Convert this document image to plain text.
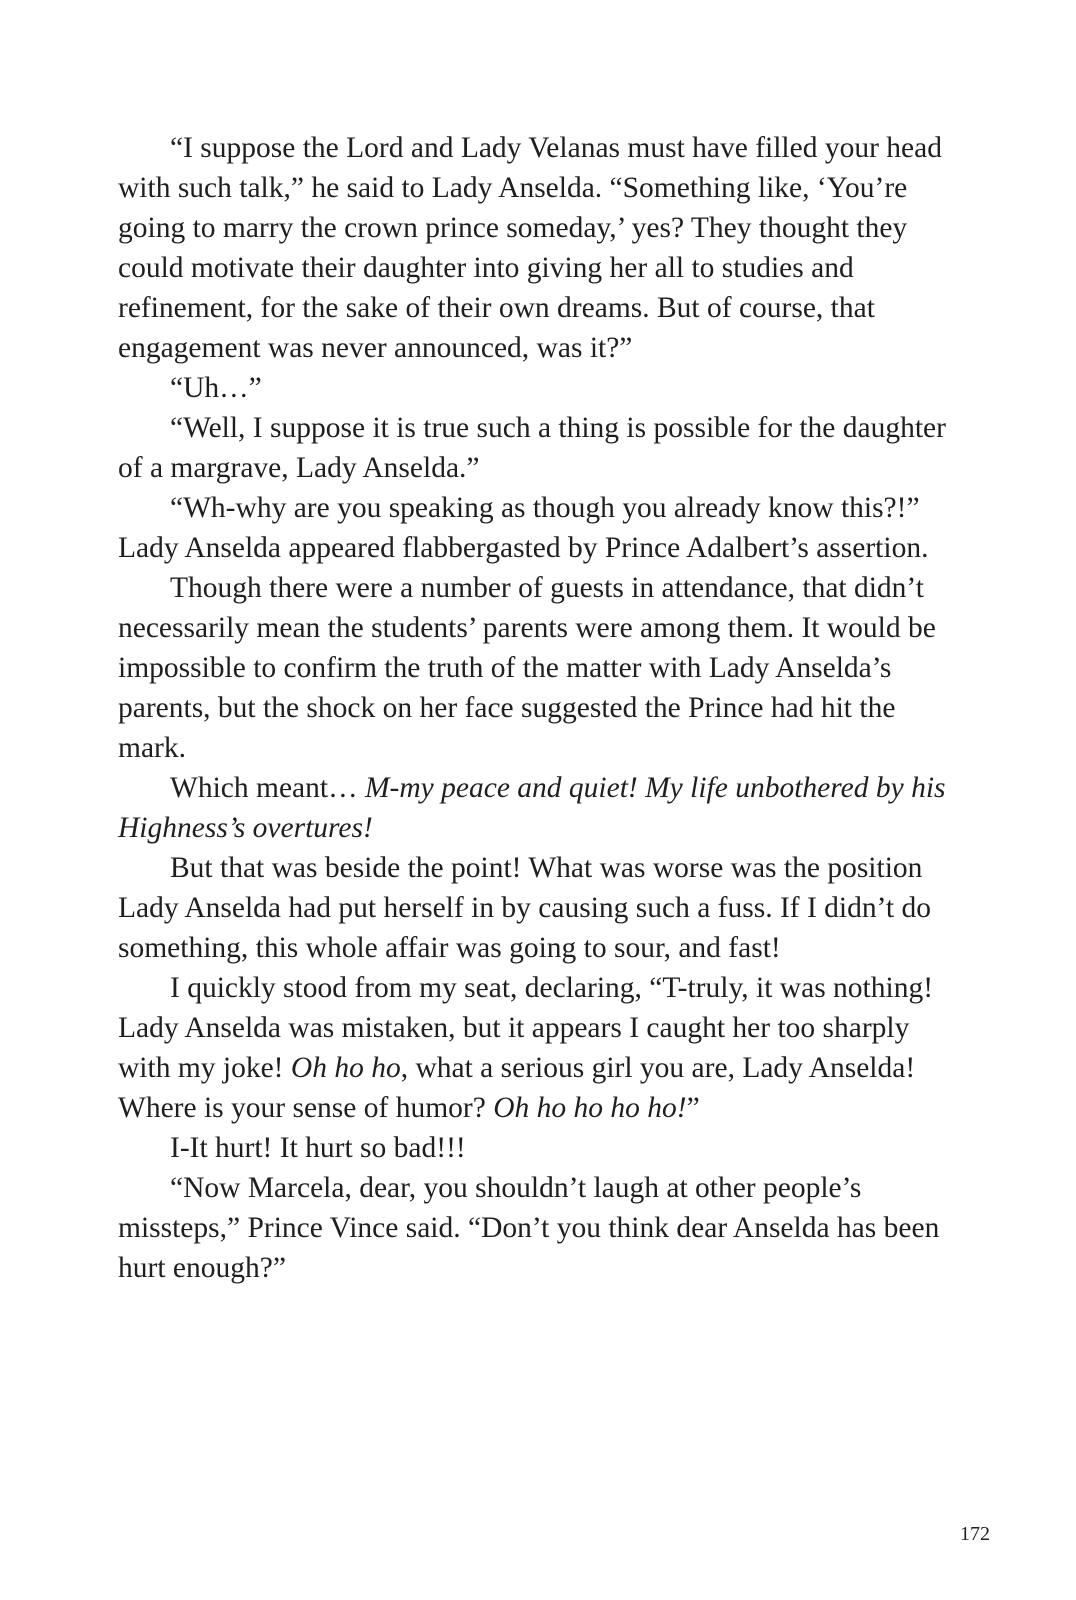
“I suppose the Lord and Lady Velanas must have filled your head with such talk,” he said to Lady Anselda. “Something like, ‘You’re going to marry the crown prince someday,’ yes? They thought they could motivate their daughter into giving her all to studies and refinement, for the sake of their own dreams. But of course, that engagement was never announced, was it?”

“Uh…”

“Well, I suppose it is true such a thing is possible for the daughter of a margrave, Lady Anselda.”

“Wh-why are you speaking as though you already know this?!” Lady Anselda appeared flabbergasted by Prince Adalbert’s assertion.

Though there were a number of guests in attendance, that didn’t necessarily mean the students’ parents were among them. It would be impossible to confirm the truth of the matter with Lady Anselda’s parents, but the shock on her face suggested the Prince had hit the mark.

Which meant… M-my peace and quiet! My life unbothered by his Highness’s overtures!

But that was beside the point! What was worse was the position Lady Anselda had put herself in by causing such a fuss. If I didn’t do something, this whole affair was going to sour, and fast!

I quickly stood from my seat, declaring, “T-truly, it was nothing! Lady Anselda was mistaken, but it appears I caught her too sharply with my joke! Oh ho ho, what a serious girl you are, Lady Anselda! Where is your sense of humor? Oh ho ho ho ho!”

I-It hurt! It hurt so bad!!!

“Now Marcela, dear, you shouldn’t laugh at other people’s missteps,” Prince Vince said. “Don’t you think dear Anselda has been hurt enough?”

172
